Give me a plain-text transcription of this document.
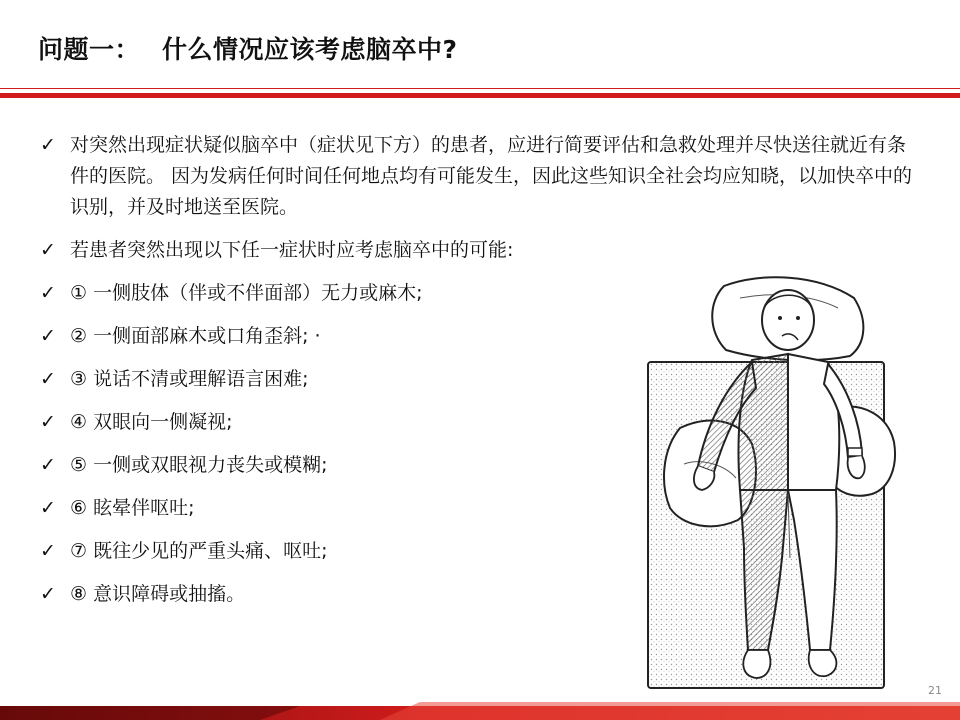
问题一： 什么情况应该考虑脑卒中?
✓ 对突然出现症状疑似脑卒中（症状见下方）的患者，应进行简要评估和急救处理并尽快送往就近有条件的医院。 因为发病任何时间任何地点均有可能发生，因此这些知识全社会均应知晓，以加快卒中的识别，并及时地送至医院。
✓ 若患者突然出现以下任一症状时应考虑脑卒中的可能:
✓ ① 一侧肢体（伴或不伴面部）无力或麻木;
✓ ② 一侧面部麻木或口角歪斜; ·
✓ ③ 说话不清或理解语言困难;
✓ ④ 双眼向一侧凝视;
✓ ⑤ 一侧或双眼视力丧失或模糊;
✓ ⑥ 眩晕伴呕吐;
✓ ⑦ 既往少见的严重头痛、呕吐;
✓ ⑧ 意识障碍或抽搐。
21
